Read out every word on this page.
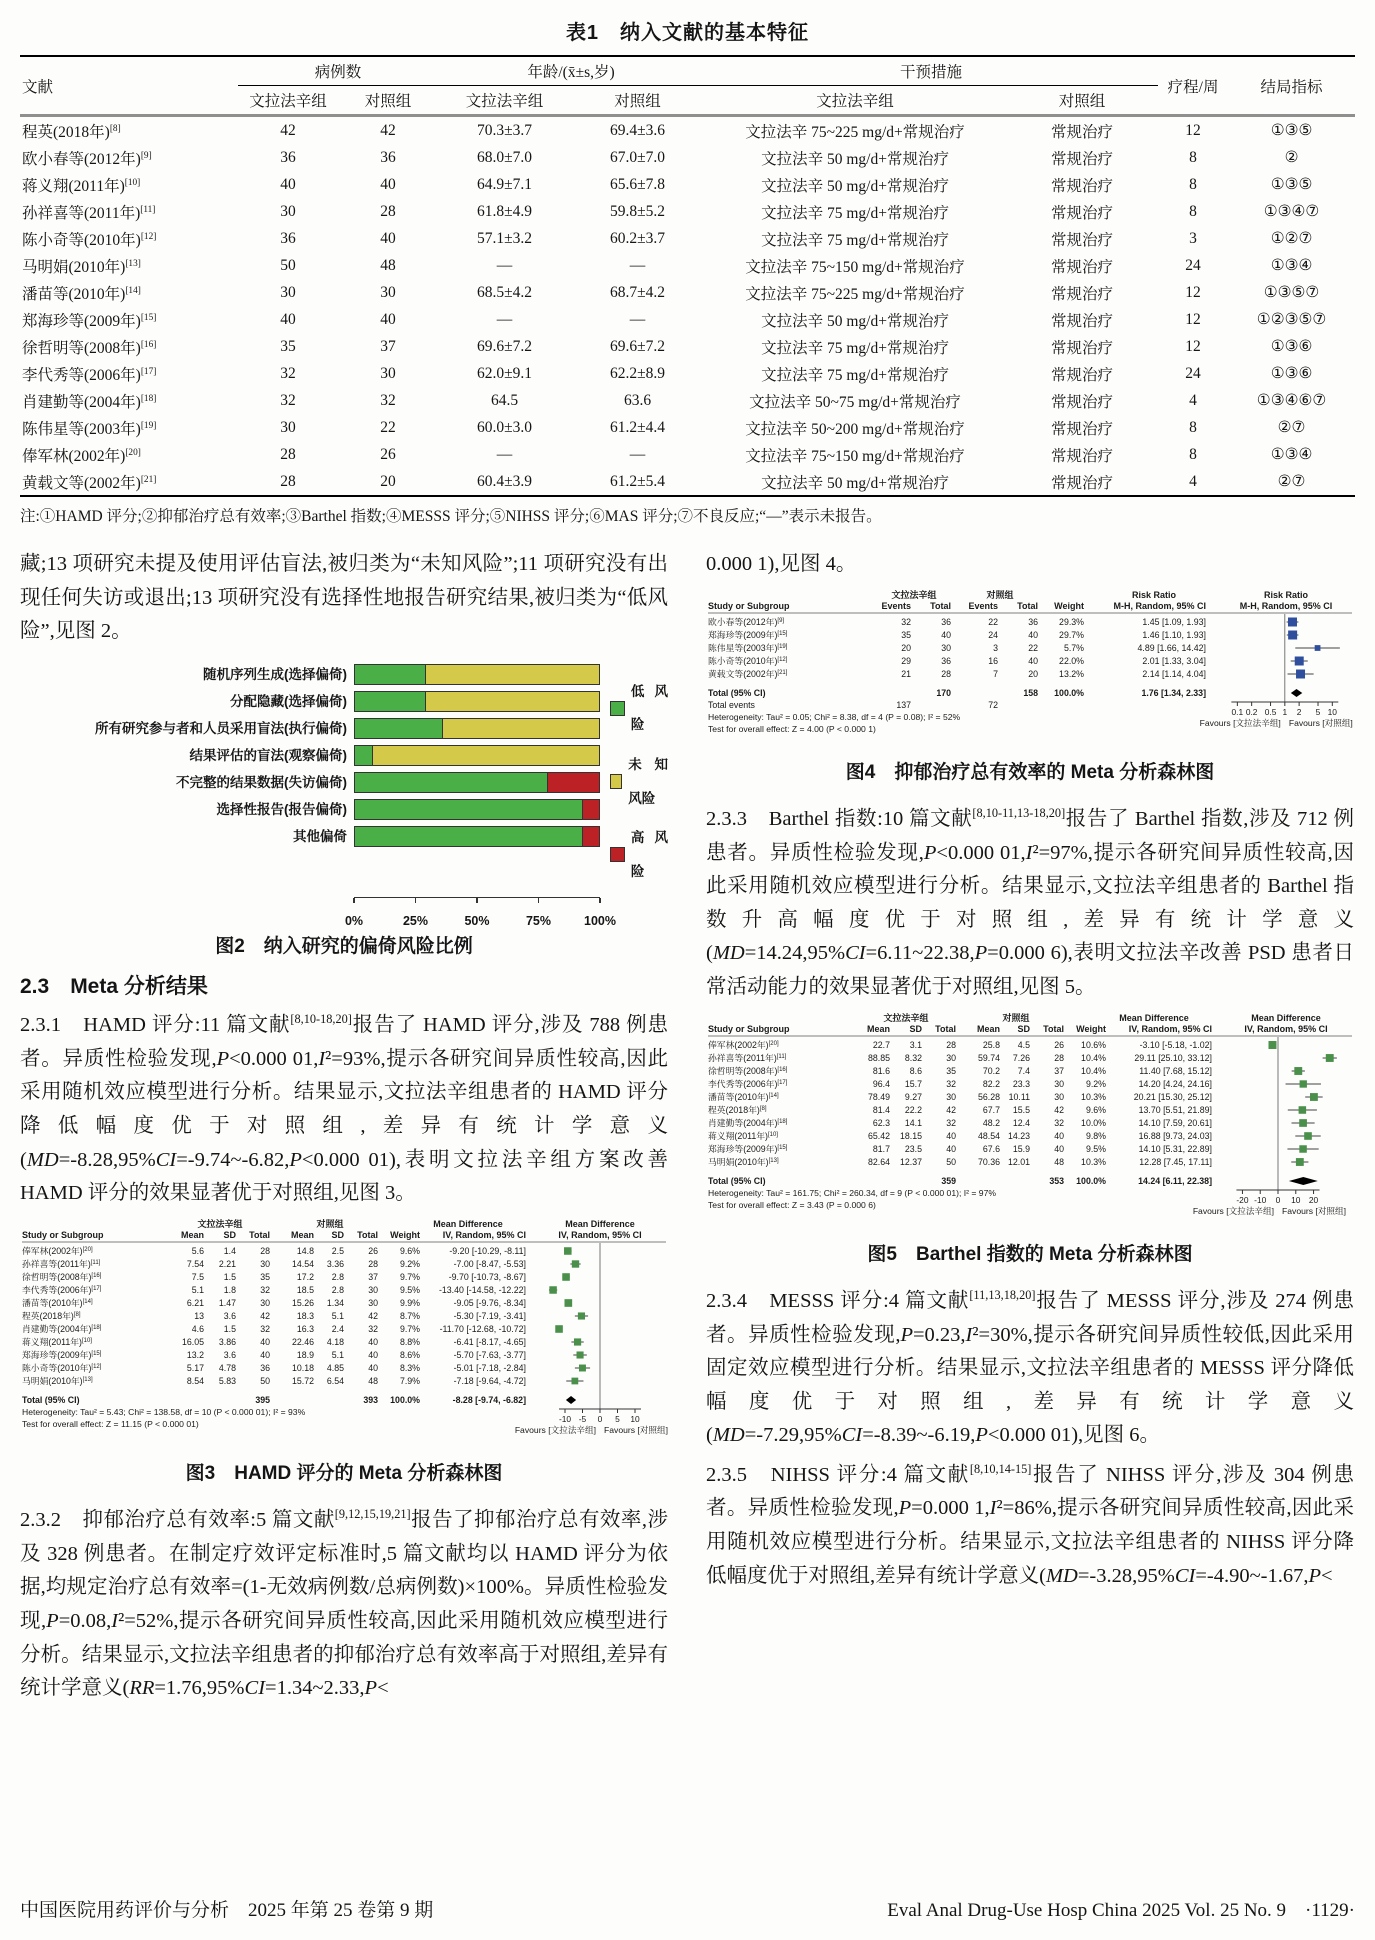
表1　纳入文献的基本特征
文献	病例数		年龄/(x̄±s,岁)		干预措施		疗程/周	结局指标
	文拉法辛组	对照组	文拉法辛组	对照组	文拉法辛组	对照组		
程英(2018年)[8]	42	42	70.3±3.7	69.4±3.6	文拉法辛 75~225 mg/d+常规治疗	常规治疗	12	①③⑤
欧小春等(2012年)[9]	36	36	68.0±7.0	67.0±7.0	文拉法辛 50 mg/d+常规治疗	常规治疗	8	②
蒋义翔(2011年)[10]	40	40	64.9±7.1	65.6±7.8	文拉法辛 50 mg/d+常规治疗	常规治疗	8	①③⑤
孙祥喜等(2011年)[11]	30	28	61.8±4.9	59.8±5.2	文拉法辛 75 mg/d+常规治疗	常规治疗	8	①③④⑦
陈小奇等(2010年)[12]	36	40	57.1±3.2	60.2±3.7	文拉法辛 75 mg/d+常规治疗	常规治疗	3	①②⑦
马明娟(2010年)[13]	50	48	—	—	文拉法辛 75~150 mg/d+常规治疗	常规治疗	24	①③④
潘苗等(2010年)[14]	30	30	68.5±4.2	68.7±4.2	文拉法辛 75~225 mg/d+常规治疗	常规治疗	12	①③⑤⑦
郑海珍等(2009年)[15]	40	40	—	—	文拉法辛 50 mg/d+常规治疗	常规治疗	12	①②③⑤⑦
徐哲明等(2008年)[16]	35	37	69.6±7.2	69.6±7.2	文拉法辛 75 mg/d+常规治疗	常规治疗	12	①③⑥
李代秀等(2006年)[17]	32	30	62.0±9.1	62.2±8.9	文拉法辛 75 mg/d+常规治疗	常规治疗	24	①③⑥
肖建勤等(2004年)[18]	32	32	64.5	63.6	文拉法辛 50~75 mg/d+常规治疗	常规治疗	4	①③④⑥⑦
陈伟星等(2003年)[19]	30	22	60.0±3.0	61.2±4.4	文拉法辛 50~200 mg/d+常规治疗	常规治疗	8	②⑦
俸军林(2002年)[20]	28	26	—	—	文拉法辛 75~150 mg/d+常规治疗	常规治疗	8	①③④
黄载文等(2002年)[21]	28	20	60.4±3.9	61.2±5.4	文拉法辛 50 mg/d+常规治疗	常规治疗	4	②⑦
注:①HAMD 评分;②抑郁治疗总有效率;③Barthel 指数;④MESSS 评分;⑤NIHSS 评分;⑥MAS 评分;⑦不良反应;“—”表示未报告。

藏;13 项研究未提及使用评估盲法,被归类为“未知风险”;11 项研究没有出现任何失访或退出;13 项研究没有选择性地报告研究结果,被归类为“低风险”,见图 2。

随机序列生成(选择偏倚)
分配隐藏(选择偏倚)
所有研究参与者和人员采用盲法(执行偏倚)
结果评估的盲法(观察偏倚)
不完整的结果数据(失访偏倚)
选择性报告(报告偏倚)
其他偏倚
低风险
未知风险
高风险
0%	25%	50%	75%	100%
图2　纳入研究的偏倚风险比例

2.3　Meta 分析结果

2.3.1　HAMD 评分:11 篇文献[8,10-18,20]报告了 HAMD 评分,涉及 788 例患者。异质性检验发现,P<0.000 01,I²=93%,提示各研究间异质性较高,因此采用随机效应模型进行分析。结果显示,文拉法辛组患者的 HAMD 评分降低幅度优于对照组,差异有统计学意义(MD=-8.28,95%CI=-9.74~-6.82,P<0.000 01),表明文拉法辛组方案改善 HAMD 评分的效果显著优于对照组,见图 3。

文拉法辛组	对照组	Mean Difference	Mean Difference
Study or Subgroup	Mean SD Total Mean SD Total Weight	IV, Random, 95% CI	IV, Random, 95% CI
俸军林(2002年)[20]	5.6 1.4	28	14.8 2.5	26 9.6%	-9.20 [-10.29, -8.11]
孙祥喜等(2011年)[11]	7.54 2.21	30 14.54 3.36	28 9.2%	-7.00 [-8.47, -5.53]
徐哲明等(2008年)[16]	7.5 1.5	35	17.2 2.8	37 9.7%	-9.70 [-10.73, -8.67]
李代秀等(2006年)[17]	5.1 1.8	32	18.5 2.8	30 9.5% -13.40 [-14.58, -12.22]
潘苗等(2010年)[14]	6.21 1.47	30 15.26 1.34	30 9.9%	-9.05 [-9.76, -8.34]
程英(2018年)[8]	13 3.6	42	18.3 5.1	42 8.7%	-5.30 [-7.19, -3.41]
肖建勤等(2004年)[18]	4.6 1.5	32	16.3 2.4	32 9.7% -11.70 [-12.68, -10.72]
蒋义翔(2011年)[10]	16.05 3.86	40 22.46 4.18	40 8.8%	-6.41 [-8.17, -4.65]
郑海珍等(2009年)[15]	13.2 3.6	40	18.9 5.1	40 8.6%	-5.70 [-7.63, -3.77]
陈小奇等(2010年)[12]	5.17 4.78	36 10.18 4.85	40 8.3%	-5.01 [-7.18, -2.84]
马明娟(2010年)[13]	8.54 5.83	50 15.72 6.54	48 7.9%	-7.18 [-9.64, -4.72]
Total (95% CI)	395	393 100.0%	-8.28 [-9.74, -6.82]
Heterogeneity: Tau² = 5.43; Chi² = 138.58, df = 10 (P < 0.000 01); I² = 93%
Test for overall effect: Z = 11.15 (P < 0.000 01)	-10 -5 0 5 10
Favours [文拉法辛组] Favours [对照组]
图3　HAMD 评分的 Meta 分析森林图

2.3.2　抑郁治疗总有效率:5 篇文献[9,12,15,19,21]报告了抑郁治疗总有效率,涉及 328 例患者。在制定疗效评定标准时,5 篇文献均以 HAMD 评分为依据,均规定治疗总有效率=(1-无效病例数/总病例数)×100%。异质性检验发现,P=0.08,I²=52%,提示各研究间异质性较高,因此采用随机效应模型进行分析。结果显示,文拉法辛组患者的抑郁治疗总有效率高于对照组,差异有统计学意义(RR=1.76,95%CI=1.34~2.33,P<

0.000 1),见图 4。

文拉法辛组	对照组	Risk Ratio	Risk Ratio
Study or Subgroup	Events Total Events Total Weight	M-H, Random, 95% CI	M-H, Random, 95% CI
欧小春等(2012年)[9]	32	36	22	36 29.3%	1.45 [1.09, 1.93]
郑海珍等(2009年)[15]	35	40	24	40 29.7%	1.46 [1.10, 1.93]
陈伟星等(2003年)[19]	20	30	3	22	5.7%	4.89 [1.66, 14.42]
陈小奇等(2010年)[12]	29	36	16	40 22.0%	2.01 [1.33, 3.04]
黄载文等(2002年)[21]	21	28	7	20 13.2%	2.14 [1.14, 4.04]
Total (95% CI)	170	158 100.0%	1.76 [1.34, 2.33]
Total events	137	72
Heterogeneity: Tau² = 0.05; Chi² = 8.38, df = 4 (P = 0.08); I² = 52%
Test for overall effect: Z = 4.00 (P < 0.000 1)
0.1 0.2 0.5 1 2 5 10
Favours [文拉法辛组] Favours [对照组]
图4　抑郁治疗总有效率的 Meta 分析森林图

2.3.3　Barthel 指数:10 篇文献[8,10-11,13-18,20]报告了 Barthel 指数,涉及 712 例患者。异质性检验发现,P<0.000 01,I²=97%,提示各研究间异质性较高,因此采用随机效应模型进行分析。结果显示,文拉法辛组患者的 Barthel 指数升高幅度优于对照组,差异有统计学意义(MD=14.24,95%CI=6.11~22.38,P=0.000 6),表明文拉法辛改善 PSD 患者日常活动能力的效果显著优于对照组,见图 5。

文拉法辛组	对照组	Mean Difference	Mean Difference
Study or Subgroup	Mean SD Total Mean SD Total Weight	IV, Random, 95% CI	IV, Random, 95% CI
俸军林(2002年)[20]	22.7 3.1	28	25.8 4.5	26 10.6%	-3.10 [-5.18, -1.02]
孙祥喜等(2011年)[11]	88.85 8.32	30 59.74 7.26	28 10.4%	29.11 [25.10, 33.12]
徐哲明等(2008年)[16]	81.6 8.6	35	70.2 7.4	37 10.4%	11.40 [7.68, 15.12]
李代秀等(2006年)[17]	96.4 15.7	32	82.2 23.3	30 9.2%	14.20 [4.24, 24.16]
潘苗等(2010年)[14]	78.49 9.27	30 56.28 10.11	30 10.3%	20.21 [15.30, 25.12]
程英(2018年)[8]	81.4 22.2	42	67.7 15.5	42 9.6%	13.70 [5.51, 21.89]
肖建勤等(2004年)[18]	62.3 14.1	32	48.2 12.4	32 10.0%	14.10 [7.59, 20.61]
蒋义翔(2011年)[10]	65.42 18.15	40 48.54 14.23	40 9.8%	16.88 [9.73, 24.03]
郑海珍等(2009年)[15]	81.7 23.5	40	67.6 15.9	40 9.5%	14.10 [5.31, 22.89]
马明娟(2010年)[13]	82.64 12.37	50 70.36 12.01	48 10.3%	12.28 [7.45, 17.11]
Total (95% CI)	359	353 100.0%	14.24 [6.11, 22.38]
Heterogeneity: Tau² = 161.75; Chi² = 260.34, df = 9 (P < 0.000 01); I² = 97%
Test for overall effect: Z = 3.43 (P = 0.000 6)	-20 -10 0 10 20
Favours [文拉法辛组] Favours [对照组]
图5　Barthel 指数的 Meta 分析森林图

2.3.4　MESSS 评分:4 篇文献[11,13,18,20]报告了 MESSS 评分,涉及 274 例患者。异质性检验发现,P=0.23,I²=30%,提示各研究间异质性较低,因此采用固定效应模型进行分析。结果显示,文拉法辛组患者的 MESSS 评分降低幅度优于对照组,差异有统计学意义(MD=-7.29,95%CI=-8.39~-6.19,P<0.000 01),见图 6。

2.3.5　NIHSS 评分:4 篇文献[8,10,14-15]报告了 NIHSS 评分,涉及 304 例患者。异质性检验发现,P=0.000 1,I²=86%,提示各研究间异质性较高,因此采用随机效应模型进行分析。结果显示,文拉法辛组患者的 NIHSS 评分降低幅度优于对照组,差异有统计学意义(MD=-3.28,95%CI=-4.90~-1.67,P<

中国医院用药评价与分析　2025 年第 25 卷第 9 期	Eval Anal Drug-Use Hosp China 2025 Vol. 25 No. 9　·1129·
